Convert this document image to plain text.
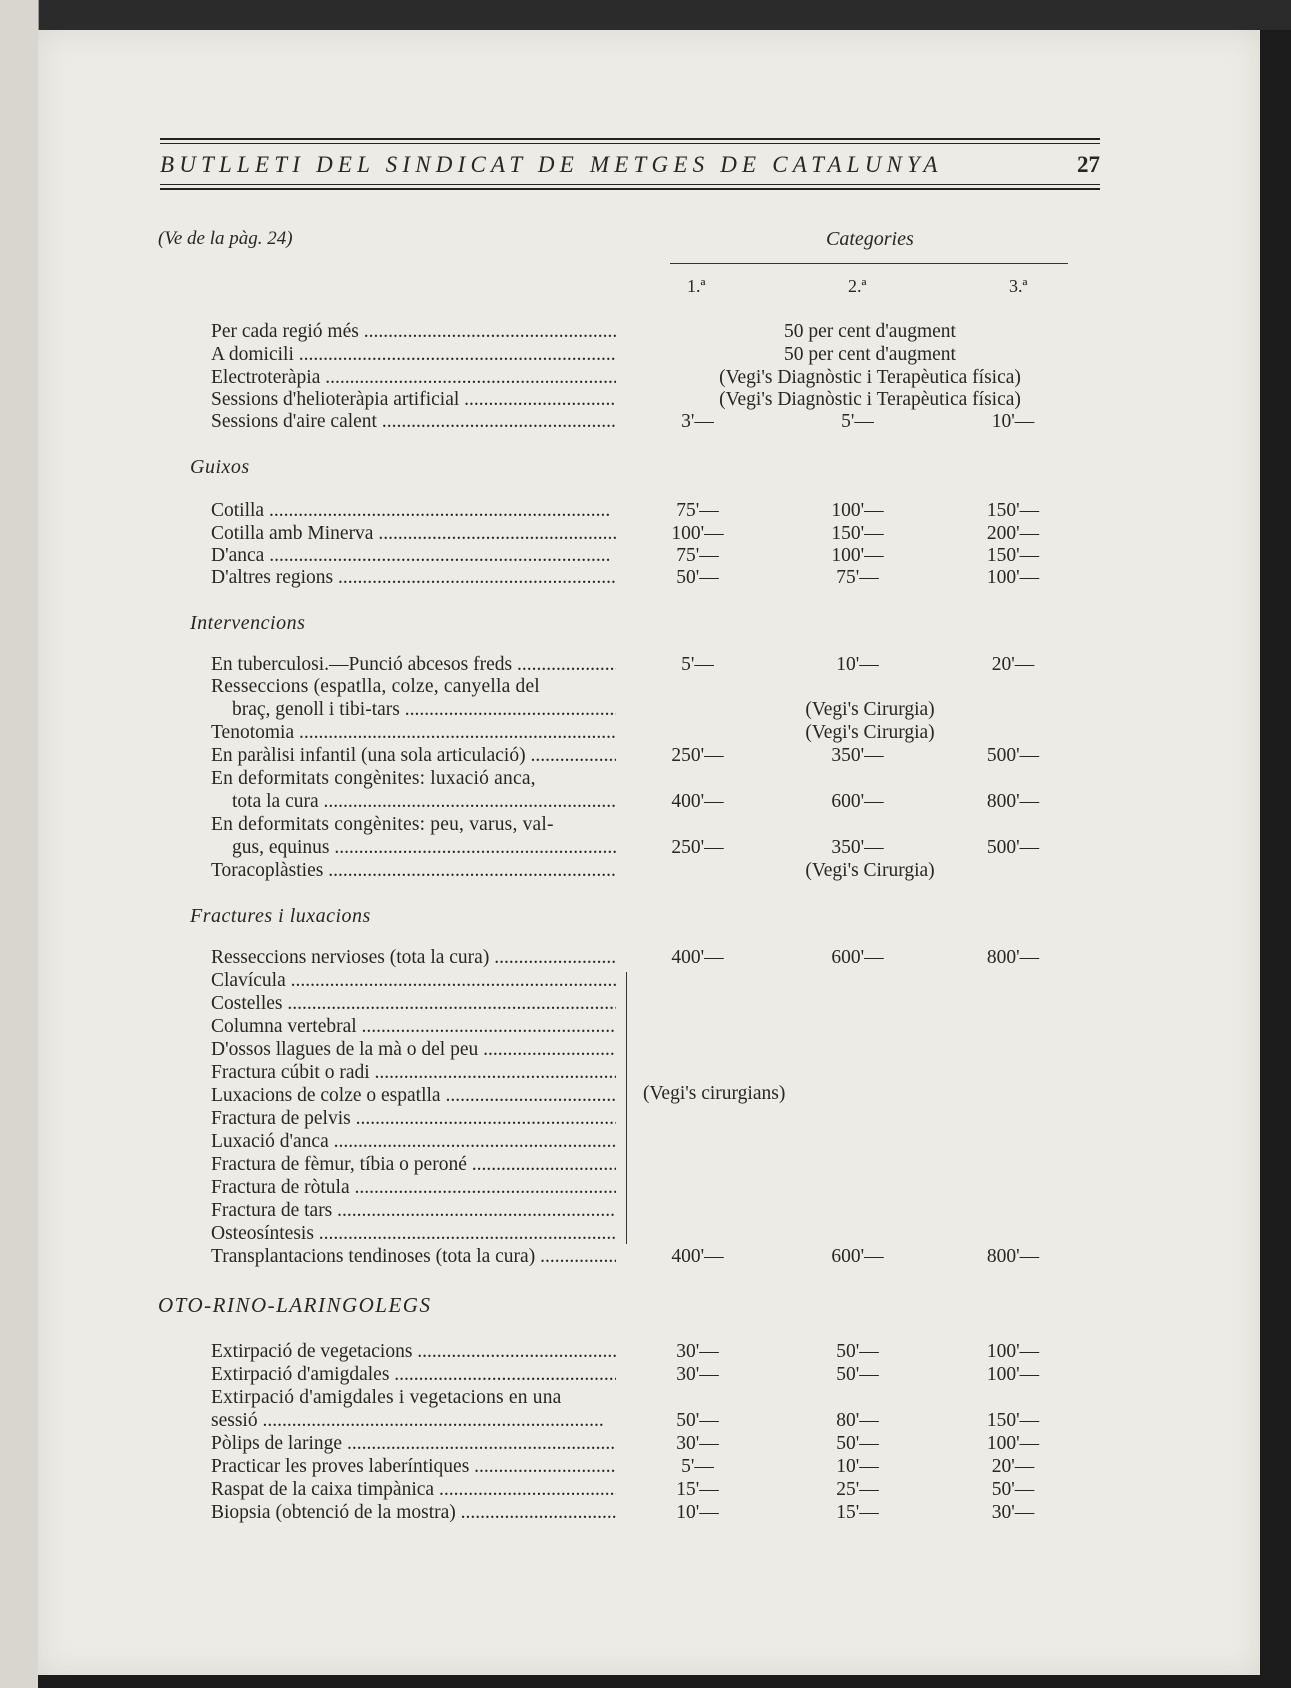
BUTLLETI DEL SINDICAT DE METGES DE CATALUNYA	27
(Ve de la pàg. 24)	Categories
1.ª	2.ª	3.ª
Per cada regió més .....	50 per cent d'augment
A domicili .....	50 per cent d'augment
Electroteràpia .....	(Vegi's Diagnòstic i Terapèutica física)
Sessions d'helioteràpia artificial .....	(Vegi's Diagnòstic i Terapèutica física)
Sessions d'aire calent .....	3'—	5'—	10'—
Guixos
Cotilla .....	75'—	100'—	150'—
Cotilla amb Minerva .....	100'—	150'—	200'—
D'anca .....	75'—	100'—	150'—
D'altres regions .....	50'—	75'—	100'—
Intervencions
En tuberculosi.—Punció abcesos freds .....	5'—	10'—	20'—
Resseccions (espatlla, colze, canyella del
braç, genoll i tibi-tars .....	(Vegi's Cirurgia)
Tenotomia .....	(Vegi's Cirurgia)
En paràlisi infantil (una sola articulació) .....	250'—	350'—	500'—
En deformitats congènites: luxació anca,
tota la cura .....	400'—	600'—	800'—
En deformitats congènites: peu, varus, val-
gus, equinus .....	250'—	350'—	500'—
Toracoplàsties .....	(Vegi's Cirurgia)
Fractures i luxacions
Resseccions nervioses (tota la cura) .....	400'—	600'—	800'—
Clavícula .....
Costelles .....
Columna vertebral .....
D'ossos llagues de la mà o del peu .....
Fractura cúbit o radi .....
Luxacions de colze o espatlla .....
Fractura de pelvis .....
Luxació d'anca .....
Fractura de fèmur, tíbia o peroné .....
Fractura de ròtula .....
Fractura de tars .....
Osteosíntesis .....
(Vegi's cirurgians)
Transplantacions tendinoses (tota la cura) .....	400'—	600'—	800'—
OTO-RINO-LARINGOLEGS
Extirpació de vegetacions .....	30'—	50'—	100'—
Extirpació d'amigdales .....	30'—	50'—	100'—
Extirpació d'amigdales i vegetacions en una
sessió .....	50'—	80'—	150'—
Pòlips de laringe .....	30'—	50'—	100'—
Practicar les proves laberíntiques .....	5'—	10'—	20'—
Raspat de la caixa timpànica .....	15'—	25'—	50'—
Biopsia (obtenció de la mostra) .....	10'—	15'—	30'—
